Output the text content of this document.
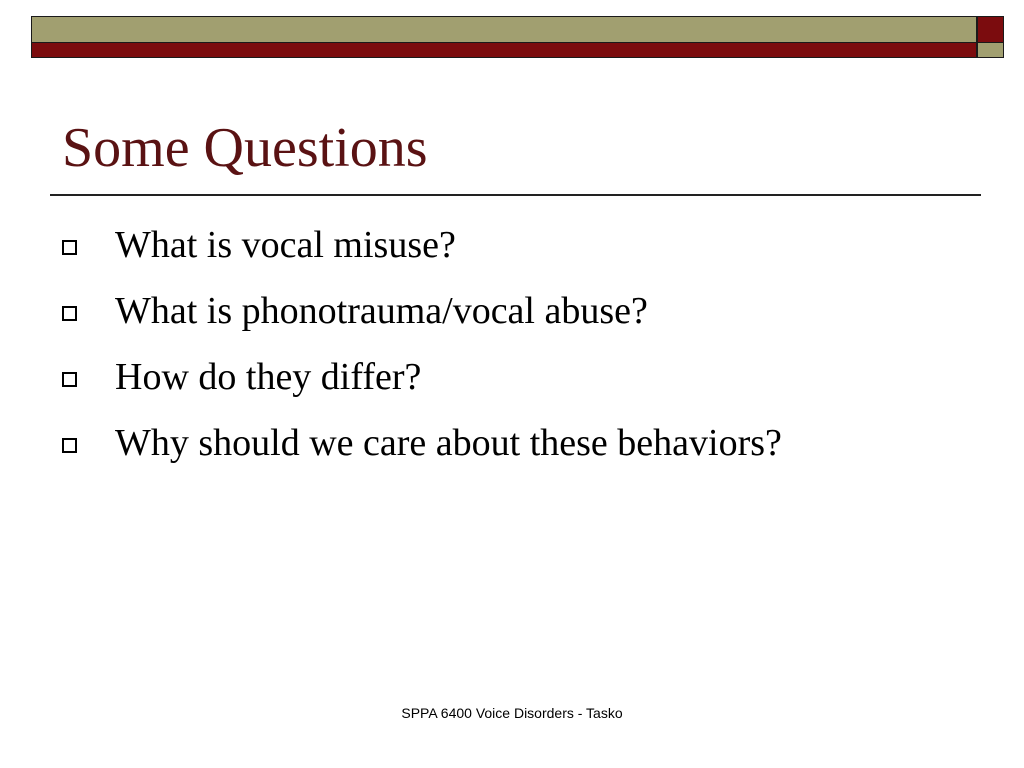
Some Questions
What is vocal misuse?
What is phonotrauma/vocal abuse?
How do they differ?
Why should we care about these behaviors?
SPPA 6400 Voice Disorders - Tasko
